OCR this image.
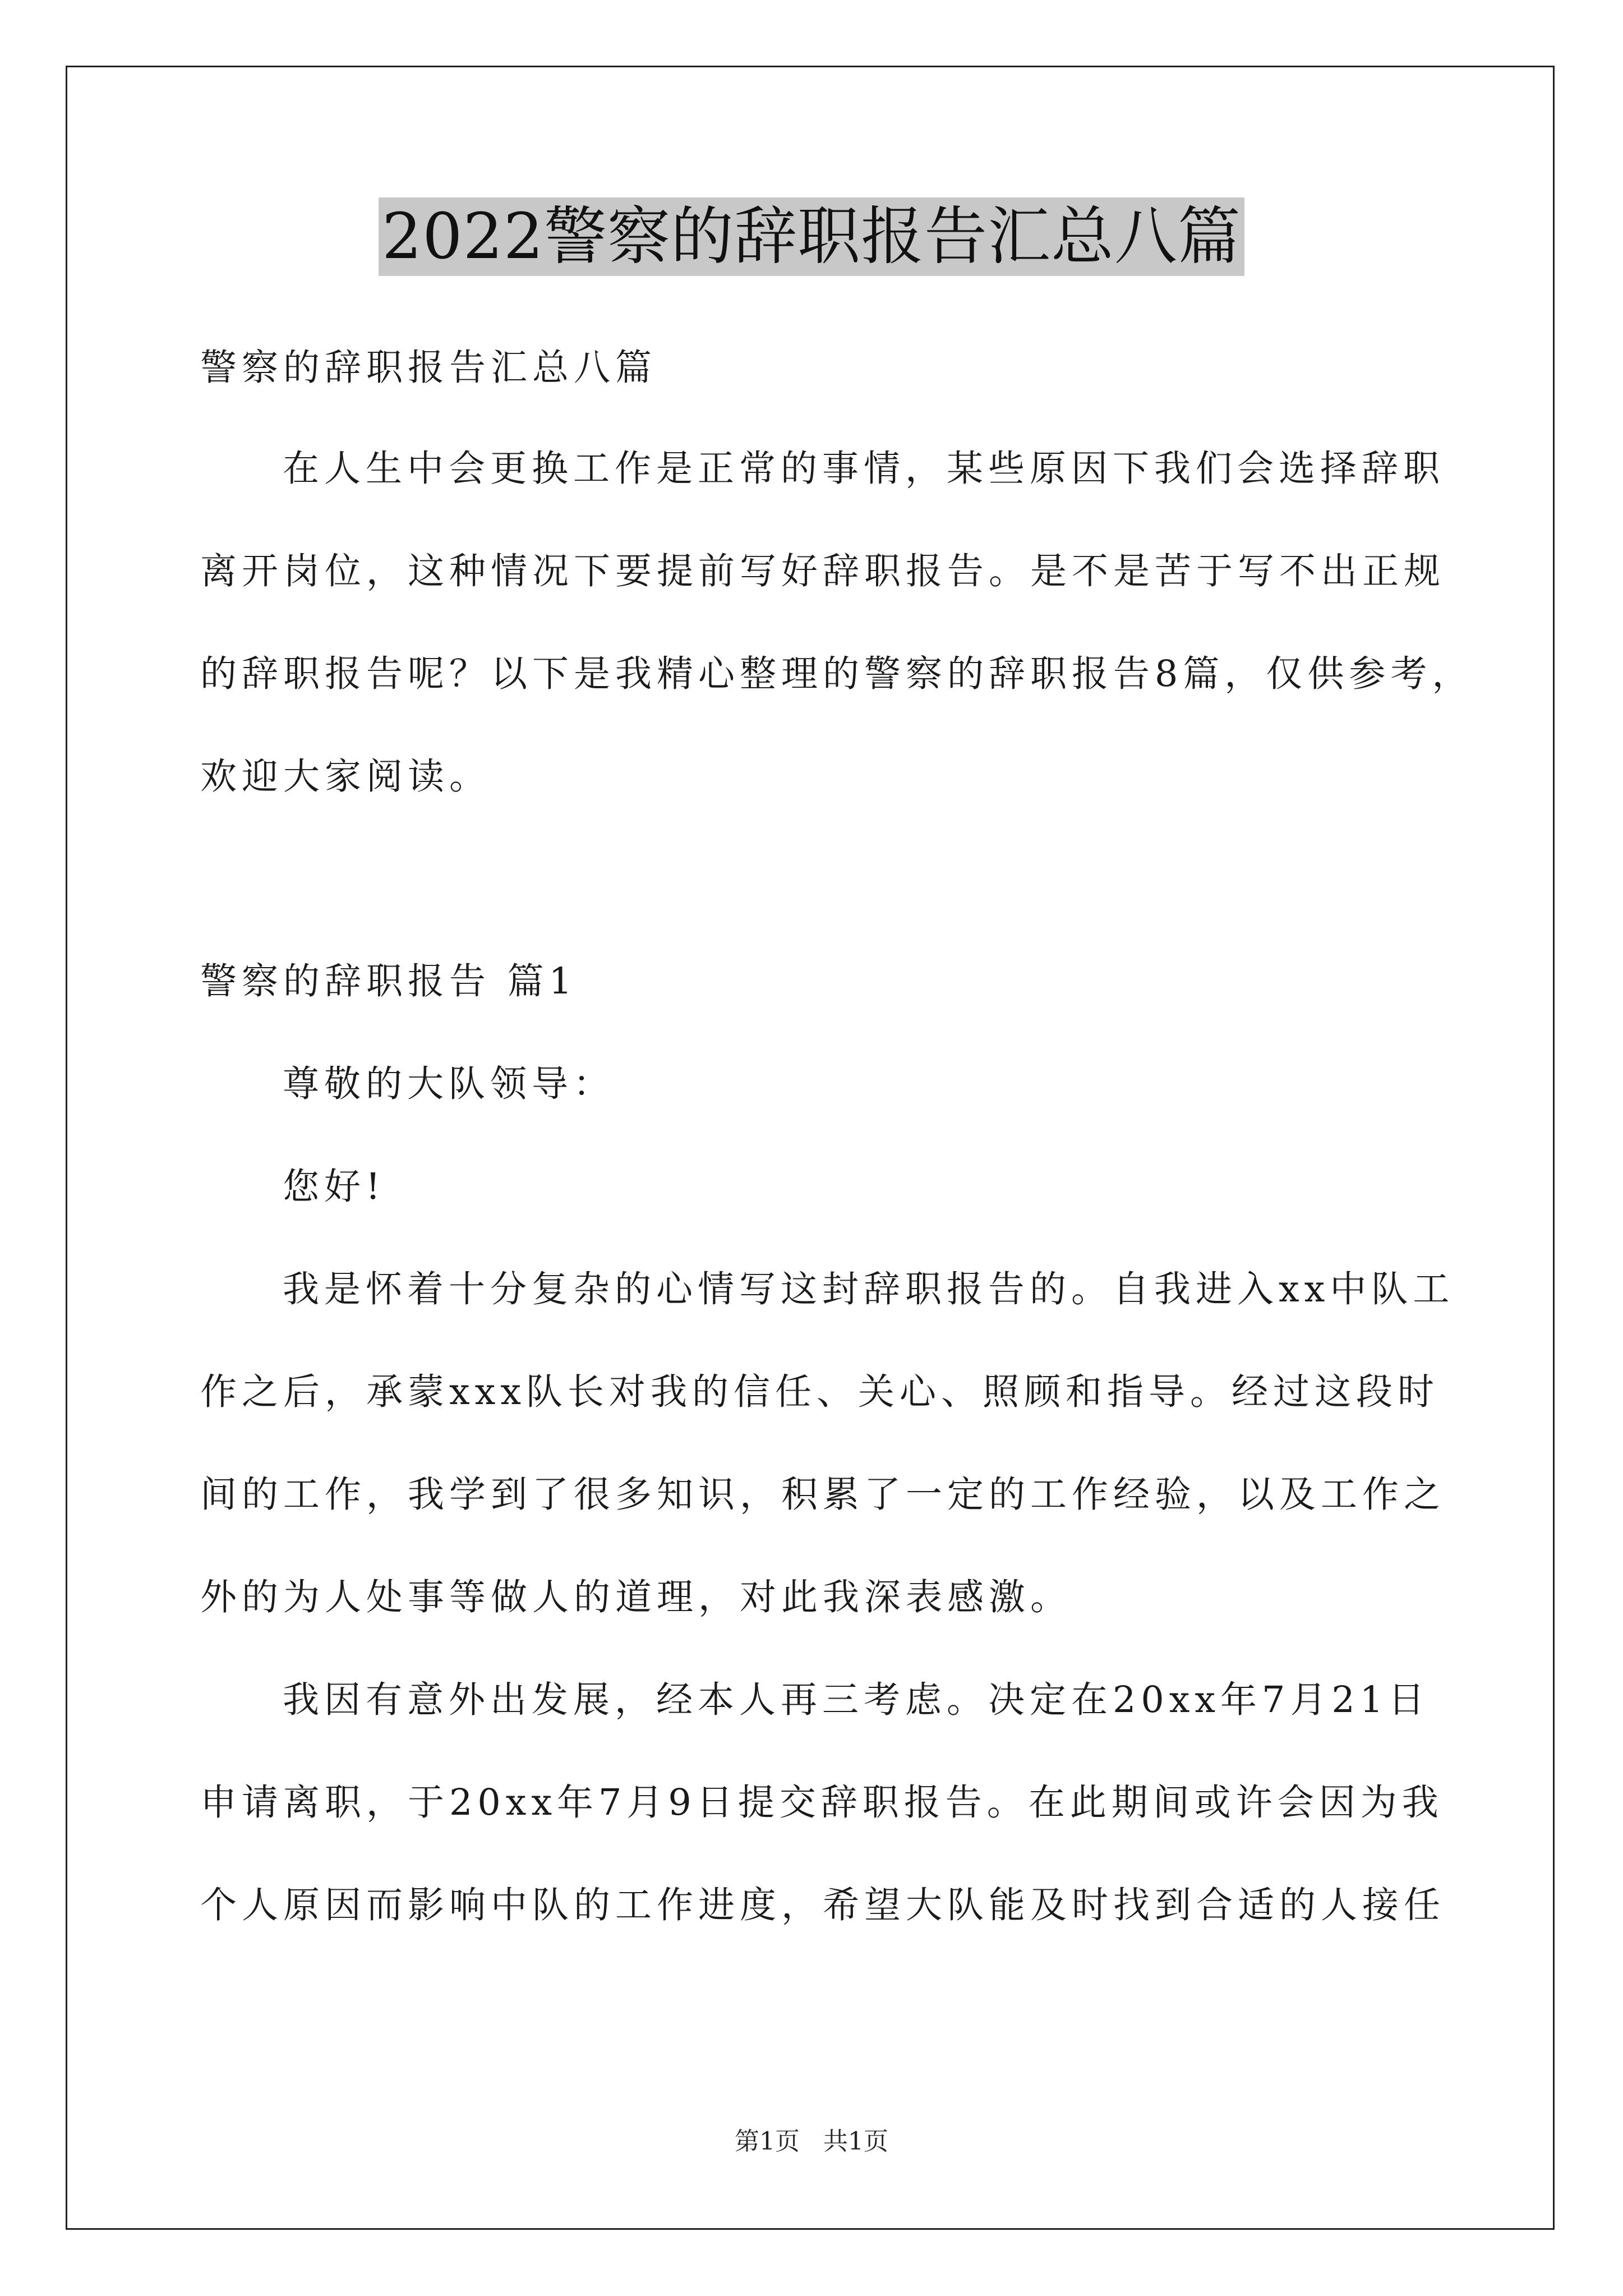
2022警察的辞职报告汇总八篇
警察的辞职报告汇总八篇
在人生中会更换工作是正常的事情，某些原因下我们会选择辞职
离开岗位，这种情况下要提前写好辞职报告。是不是苦于写不出正规
的辞职报告呢？以下是我精心整理的警察的辞职报告8篇，仅供参考，
欢迎大家阅读。
警察的辞职报告 篇1
尊敬的大队领导：
您好!
我是怀着十分复杂的心情写这封辞职报告的。自我进入xx中队工
作之后，承蒙xxx队长对我的信任、关心、照顾和指导。经过这段时
间的工作，我学到了很多知识，积累了一定的工作经验，以及工作之
外的为人处事等做人的道理，对此我深表感激。
我因有意外出发展，经本人再三考虑。决定在20xx年7月21日
申请离职，于20xx年7月9日提交辞职报告。在此期间或许会因为我
个人原因而影响中队的工作进度，希望大队能及时找到合适的人接任
第1页   共1页
